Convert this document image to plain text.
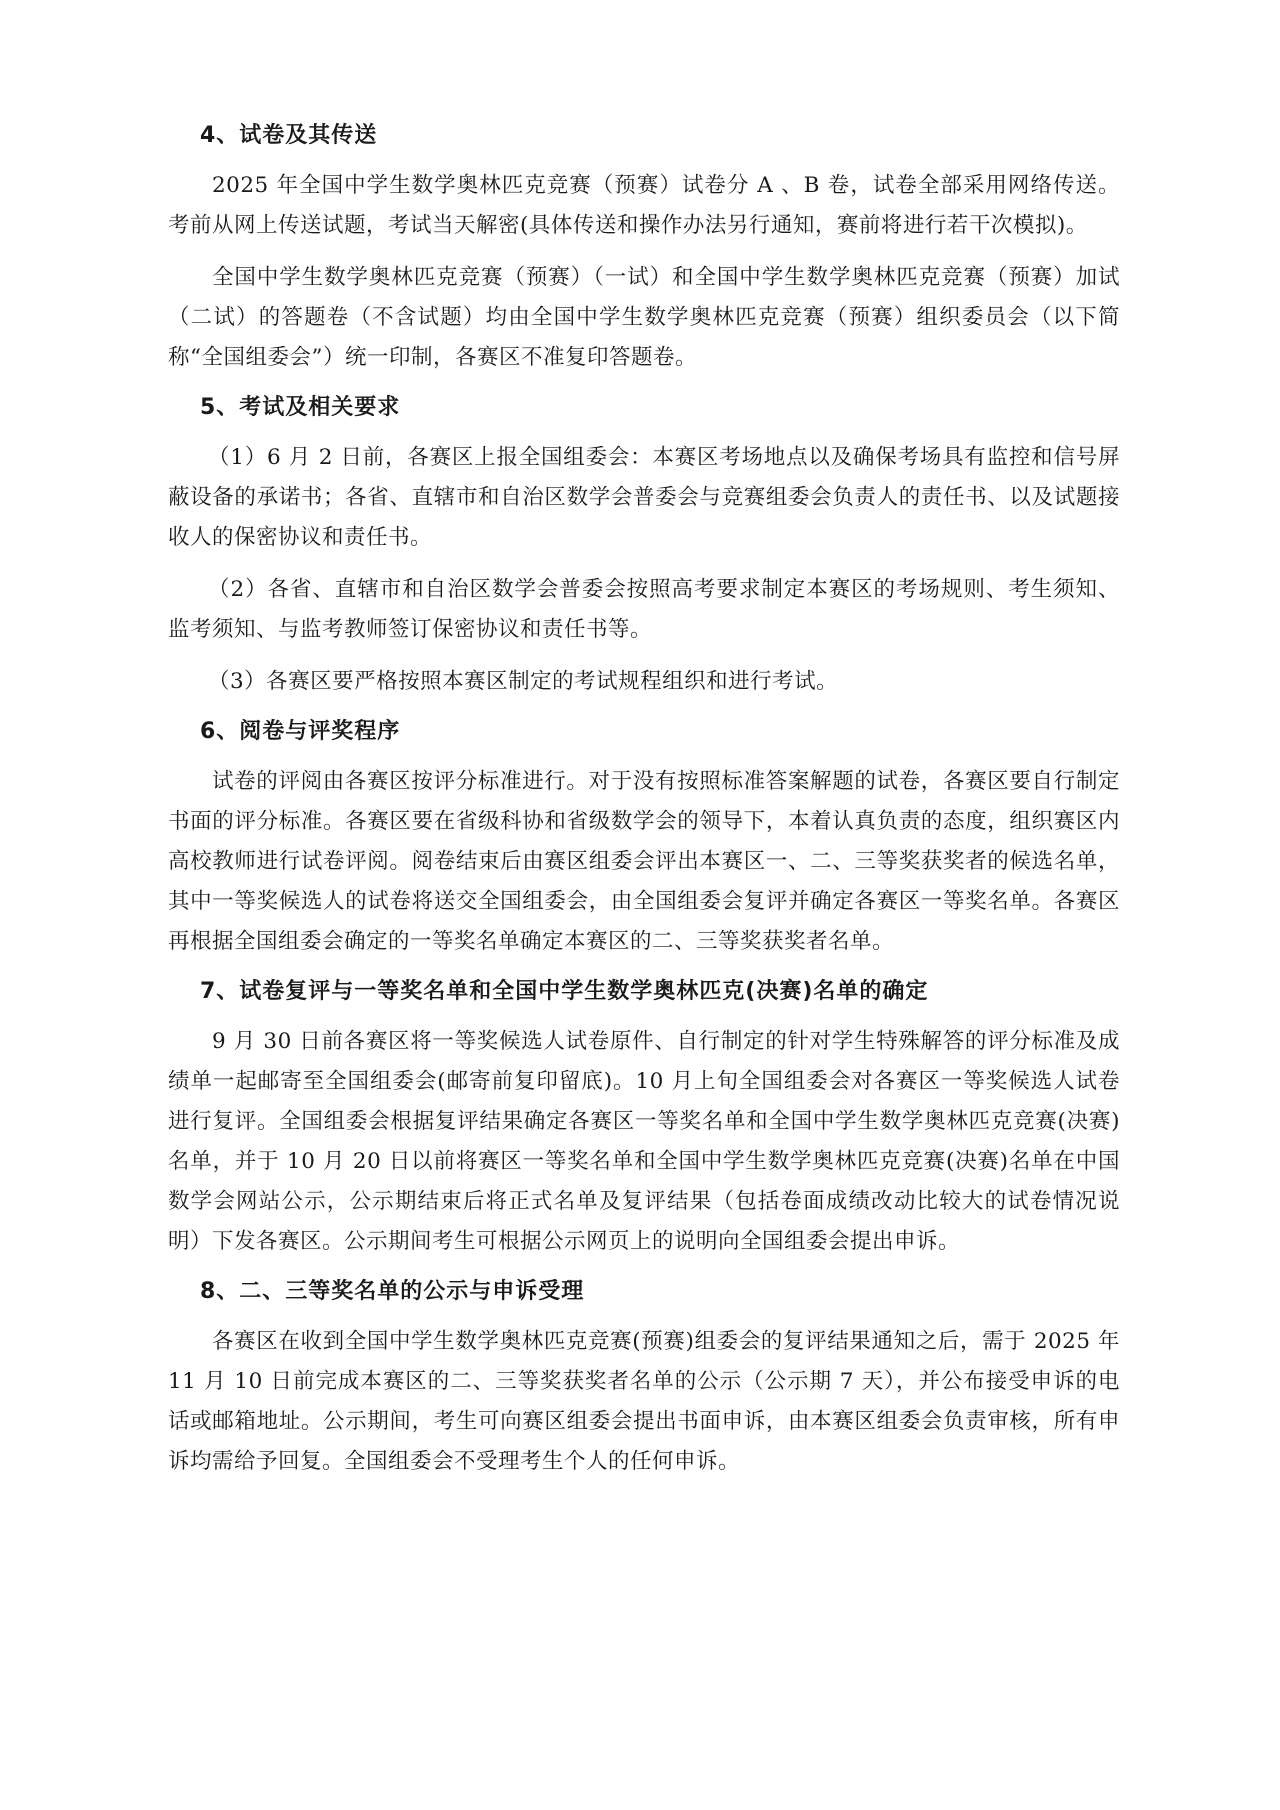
4、试卷及其传送

2025 年全国中学生数学奥林匹克竞赛（预赛）试卷分 A 、B 卷，试卷全部采用网络传送。考前从网上传送试题，考试当天解密(具体传送和操作办法另行通知，赛前将进行若干次模拟)。

全国中学生数学奥林匹克竞赛（预赛）（一试）和全国中学生数学奥林匹克竞赛（预赛）加试（二试）的答题卷（不含试题）均由全国中学生数学奥林匹克竞赛（预赛）组织委员会（以下简称“全国组委会”）统一印制，各赛区不准复印答题卷。

5、考试及相关要求

（1）6 月 2 日前，各赛区上报全国组委会：本赛区考场地点以及确保考场具有监控和信号屏蔽设备的承诺书；各省、直辖市和自治区数学会普委会与竞赛组委会负责人的责任书、以及试题接收人的保密协议和责任书。

（2）各省、直辖市和自治区数学会普委会按照高考要求制定本赛区的考场规则、考生须知、监考须知、与监考教师签订保密协议和责任书等。

（3）各赛区要严格按照本赛区制定的考试规程组织和进行考试。

6、阅卷与评奖程序

试卷的评阅由各赛区按评分标准进行。对于没有按照标准答案解题的试卷，各赛区要自行制定书面的评分标准。各赛区要在省级科协和省级数学会的领导下，本着认真负责的态度，组织赛区内高校教师进行试卷评阅。阅卷结束后由赛区组委会评出本赛区一、二、三等奖获奖者的候选名单，其中一等奖候选人的试卷将送交全国组委会，由全国组委会复评并确定各赛区一等奖名单。各赛区再根据全国组委会确定的一等奖名单确定本赛区的二、三等奖获奖者名单。

7、试卷复评与一等奖名单和全国中学生数学奥林匹克(决赛)名单的确定

9 月 30 日前各赛区将一等奖候选人试卷原件、自行制定的针对学生特殊解答的评分标准及成绩单一起邮寄至全国组委会(邮寄前复印留底)。10 月上旬全国组委会对各赛区一等奖候选人试卷进行复评。全国组委会根据复评结果确定各赛区一等奖名单和全国中学生数学奥林匹克竞赛(决赛)名单，并于 10 月 20 日以前将赛区一等奖名单和全国中学生数学奥林匹克竞赛(决赛)名单在中国数学会网站公示，公示期结束后将正式名单及复评结果（包括卷面成绩改动比较大的试卷情况说明）下发各赛区。公示期间考生可根据公示网页上的说明向全国组委会提出申诉。

8、二、三等奖名单的公示与申诉受理

各赛区在收到全国中学生数学奥林匹克竞赛(预赛)组委会的复评结果通知之后，需于 2025 年 11 月 10 日前完成本赛区的二、三等奖获奖者名单的公示（公示期 7 天），并公布接受申诉的电话或邮箱地址。公示期间，考生可向赛区组委会提出书面申诉，由本赛区组委会负责审核，所有申诉均需给予回复。全国组委会不受理考生个人的任何申诉。
